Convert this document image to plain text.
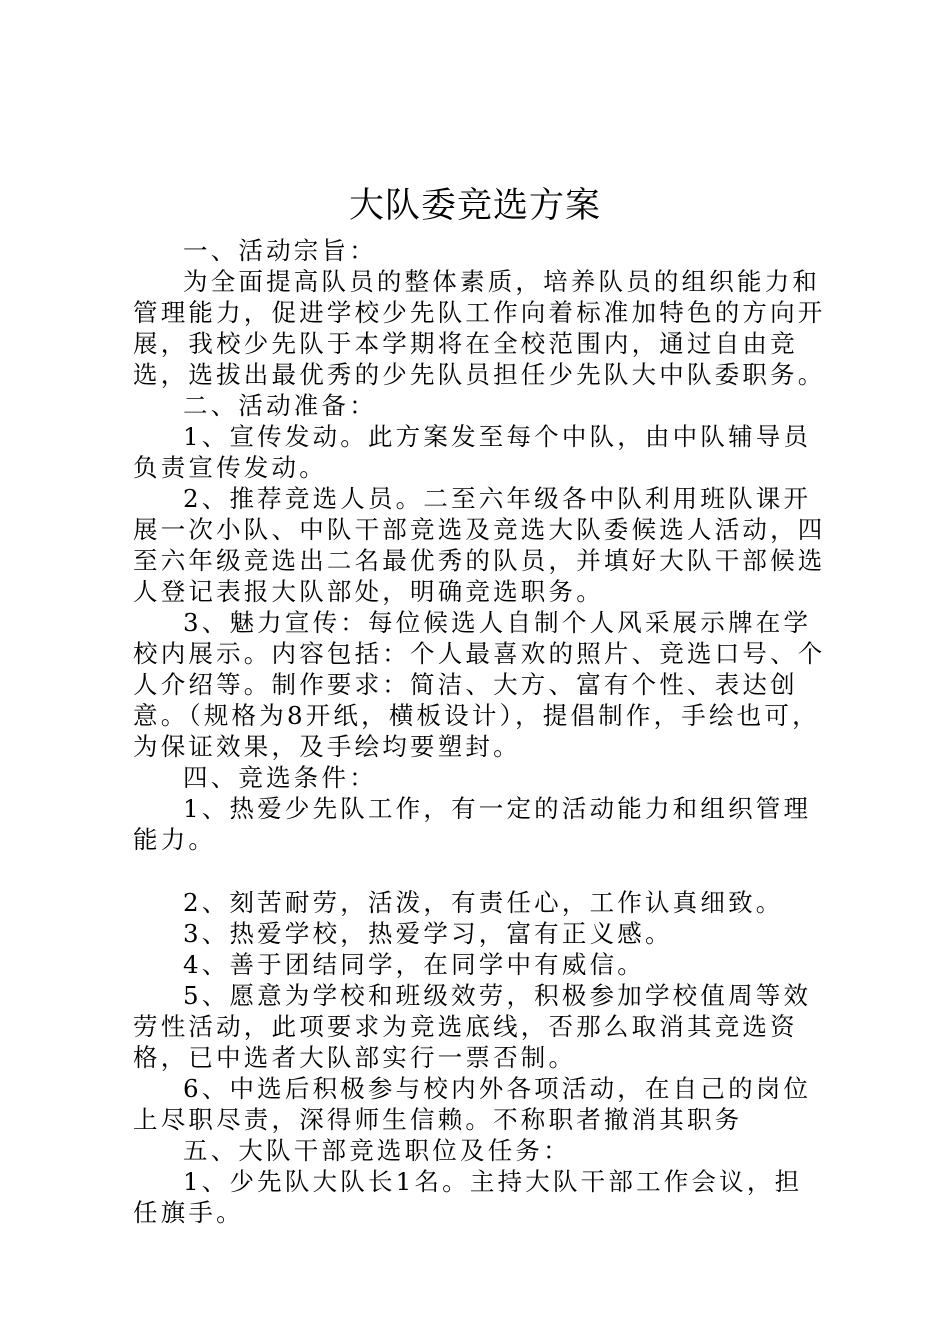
大队委竞选方案

一、活动宗旨：

为全面提高队员的整体素质，培养队员的组织能力和管理能力，促进学校少先队工作向着标准加特色的方向开展，我校少先队于本学期将在全校范围内，通过自由竞选，选拔出最优秀的少先队员担任少先队大中队委职务。

二、活动准备：

1、宣传发动。此方案发至每个中队，由中队辅导员负责宣传发动。

2、推荐竞选人员。二至六年级各中队利用班队课开展一次小队、中队干部竞选及竞选大队委候选人活动，四至六年级竞选出二名最优秀的队员，并填好大队干部候选人登记表报大队部处，明确竞选职务。

3、魅力宣传：每位候选人自制个人风采展示牌在学校内展示。内容包括：个人最喜欢的照片、竞选口号、个人介绍等。制作要求：简洁、大方、富有个性、表达创意。（规格为8开纸，横板设计），提倡制作，手绘也可，为保证效果，及手绘均要塑封。

四、竞选条件：

1、热爱少先队工作，有一定的活动能力和组织管理能力。

2、刻苦耐劳，活泼，有责任心，工作认真细致。

3、热爱学校，热爱学习，富有正义感。

4、善于团结同学，在同学中有威信。

5、愿意为学校和班级效劳，积极参加学校值周等效劳性活动，此项要求为竞选底线，否那么取消其竞选资格，已中选者大队部实行一票否制。

6、中选后积极参与校内外各项活动，在自己的岗位上尽职尽责，深得师生信赖。不称职者撤消其职务

五、大队干部竞选职位及任务：

1、少先队大队长1名。主持大队干部工作会议，担任旗手。
